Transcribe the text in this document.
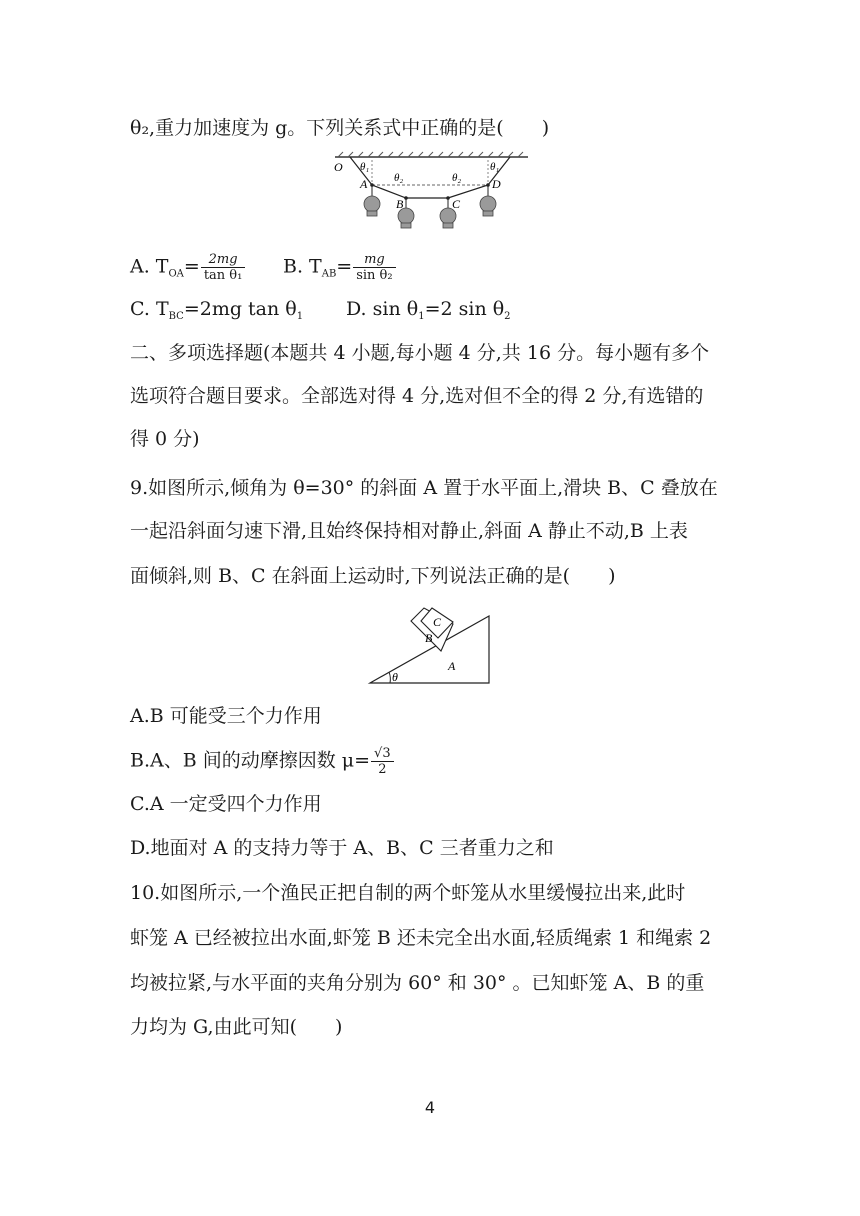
θ₂,重力加速度为 g。下列关系式中正确的是(　　)
O
A
B	C
D
θ₁	θ₁
θ₂	θ₂
A. $T_{OA}= \frac{2mg}{\text{tan θ₁}} B$. $T_{AB}= \frac{mg}{\text{sin θ₂}}$
C. $T_{BC}=2mg$ $\tan \theta_1$ D. $\sin \theta_1=2$ $\sin \theta_2$
二、多项选择题(本题共 4 小题,每小题 4 分,共 16 分。每小题有多个
选项符合题目要求。全部选对得 4 分,选对但不全的得 2 分,有选错的
得 0 分)
9.如图所示,倾角为 θ=30° 的斜面 A 置于水平面上,滑块 B、C 叠放在
一起沿斜面匀速下滑,且始终保持相对静止,斜面 A 静止不动,B 上表
面倾斜,则 B、C 在斜面上运动时,下列说法正确的是(　　)
C
B
A
θ
A.B 可能受三个力作用
B.A、B 间的动摩擦因数 $\mu= \frac{√3}{2}$
C.A 一定受四个力作用
D.地面对 A 的支持力等于 A、B、C 三者重力之和
10.如图所示,一个渔民正把自制的两个虾笼从水里缓慢拉出来,此时
虾笼 A 已经被拉出水面,虾笼 B 还未完全出水面,轻质绳索 1 和绳索 2
均被拉紧,与水平面的夹角分别为 60° 和 30° 。已知虾笼 A、B 的重
力均为 G,由此可知(　　)
4
